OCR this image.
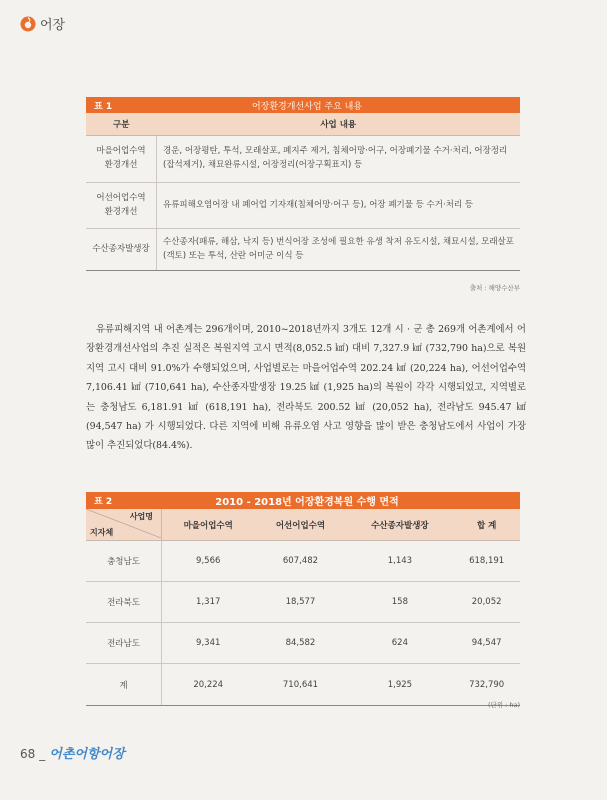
어장
표 1	어장환경개선사업 주요 내용
구분	사업 내용
마을어업수역
환경개선	경운, 어장평탄, 투석, 모래살포, 폐지주 제거, 침체어망·어구, 어장폐기물 수거·처리, 어장정리(잡석제거), 채묘완류시설, 어장정리(어장구획표지) 등
어선어업수역
환경개선	유류피해오염어장 내 폐어업 기자재(침체어망·어구 등), 어장 폐기물 등 수거·처리 등
수산종자발생장	수산종자(패류, 해삼, 낙지 등) 번식어장 조성에 필요한 유생 착저 유도시설, 채묘시설, 모래살포(객토) 또는 투석, 산란 어미군 이식 등
출처 : 해양수산부

유류피해지역 내 어촌계는 296개이며, 2010~2018년까지 3개도 12개 시 · 군 총 269개 어촌계에서 어장환경개선사업의 추진 실적은 복원지역 고시 면적(8,052.5 ㎢) 대비 7,327.9 ㎢ (732,790 ha)으로 복원지역 고시 대비 91.0%가 수행되었으며, 사업별로는 마을어업수역 202.24 ㎢ (20,224 ha), 어선어업수역 7,106.41 ㎢ (710,641 ha), 수산종자발생장 19.25 ㎢ (1,925 ha)의 복원이 각각 시행되었고, 지역별로는 충청남도 6,181.91 ㎢ (618,191 ha), 전라북도 200.52 ㎢ (20,052 ha), 전라남도 945.47 ㎢ (94,547 ha) 가 시행되었다. 다른 지역에 비해 유류오염 사고 영향을 많이 받은 충청남도에서 사업이 가장 많이 추진되었다(84.4%).

표 2	2010 - 2018년 어장환경복원 수행 면적
사업명
지자체	마을어업수역	어선어업수역	수산종자발생장	합 계
충청남도	9,566	607,482	1,143	618,191
전라북도	1,317	18,577	158	20,052
전라남도	9,341	84,582	624	94,547
계	20,224	710,641	1,925	732,790
(단위 : ha)
68 _ 어촌어항어장
